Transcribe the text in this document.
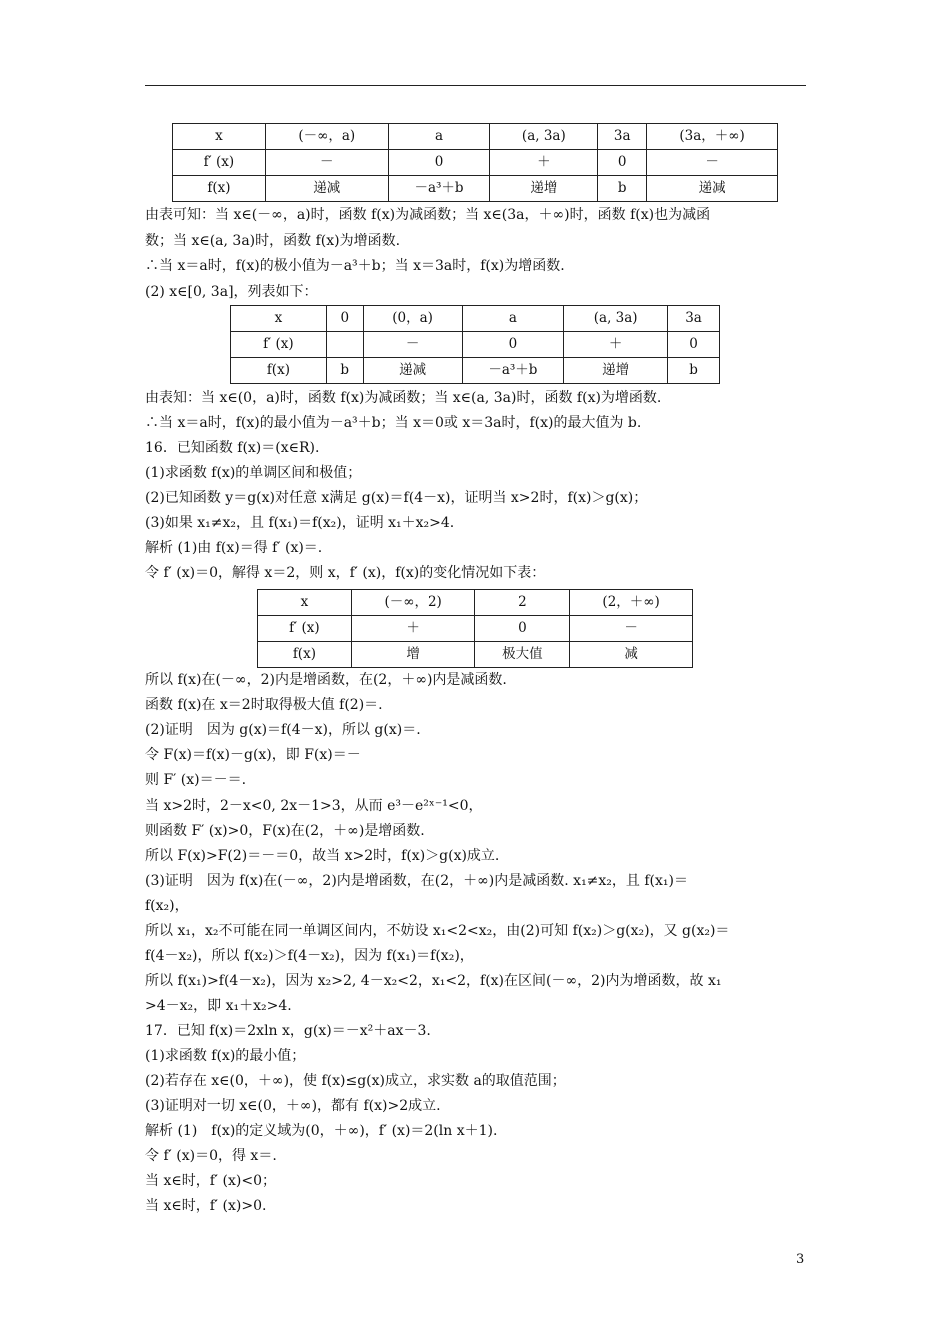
x	(－∞，a)	a	(a, 3a)	3a	(3a，＋∞)
f′ (x)	－	0	＋	0	－
f(x)	递减	－a³＋b	递增	b	递减
由表可知：当 x∈(－∞，a)时，函数 f(x)为减函数；当 x∈(3a，＋∞)时，函数 f(x)也为减函
数；当 x∈(a, 3a)时，函数 f(x)为增函数.
∴当 x＝a时，f(x)的极小值为－a³＋b；当 x＝3a时，f(x)为增函数.
(2) x∈[0, 3a]，列表如下：
x	0	(0，a)	a	(a, 3a)	3a
f′ (x)		－	0	＋	0
f(x)	b	递减	－a³＋b	递增	b
由表知：当 x∈(0，a)时，函数 f(x)为减函数；当 x∈(a, 3a)时，函数 f(x)为增函数.
∴当 x＝a时，f(x)的最小值为－a³＋b；当 x＝0或 x＝3a时，f(x)的最大值为 b.
16．已知函数 f(x)＝(x∈R).
(1)求函数 f(x)的单调区间和极值；
(2)已知函数 y＝g(x)对任意 x满足 g(x)＝f(4－x)，证明当 x>2时，f(x)＞g(x)；
(3)如果 x₁≠x₂，且 f(x₁)＝f(x₂)，证明 x₁＋x₂>4.
解析 (1)由 f(x)＝得 f′ (x)＝.
令 f′ (x)＝0，解得 x＝2，则 x，f′ (x)，f(x)的变化情况如下表：
x	(－∞，2)	2	(2，＋∞)
f′ (x)	＋	0	－
f(x)	增	极大值	减
所以 f(x)在(－∞，2)内是增函数，在(2，＋∞)内是减函数.
函数 f(x)在 x＝2时取得极大值 f(2)＝.
(2)证明　因为 g(x)＝f(4－x)，所以 g(x)＝.
令 F(x)＝f(x)－g(x)，即 F(x)＝－
则 F′ (x)＝－＝.
当 x>2时，2－x<0, 2x－1>3，从而 e³－e²ˣ⁻¹<0，
则函数 F′ (x)>0，F(x)在(2，＋∞)是增函数.
所以 F(x)>F(2)＝－＝0，故当 x>2时，f(x)＞g(x)成立.
(3)证明　因为 f(x)在(－∞，2)内是增函数，在(2，＋∞)内是减函数. x₁≠x₂，且 f(x₁)＝
f(x₂)，
所以 x₁，x₂不可能在同一单调区间内，不妨设 x₁<2<x₂，由(2)可知 f(x₂)＞g(x₂)，又 g(x₂)＝
f(4－x₂)，所以 f(x₂)＞f(4－x₂)，因为 f(x₁)＝f(x₂)，
所以 f(x₁)>f(4－x₂)，因为 x₂>2, 4－x₂<2，x₁<2，f(x)在区间(－∞，2)内为增函数，故 x₁
>4－x₂，即 x₁＋x₂>4.
17．已知 f(x)＝2xln x，g(x)＝－x²＋ax－3.
(1)求函数 f(x)的最小值；
(2)若存在 x∈(0，＋∞)，使 f(x)≤g(x)成立，求实数 a的取值范围；
(3)证明对一切 x∈(0，＋∞)，都有 f(x)>2成立.
解析 (1)　f(x)的定义域为(0，＋∞)，f′ (x)＝2(ln x＋1).
令 f′ (x)＝0，得 x＝.
当 x∈时，f′ (x)<0；
当 x∈时，f′ (x)>0.
3
